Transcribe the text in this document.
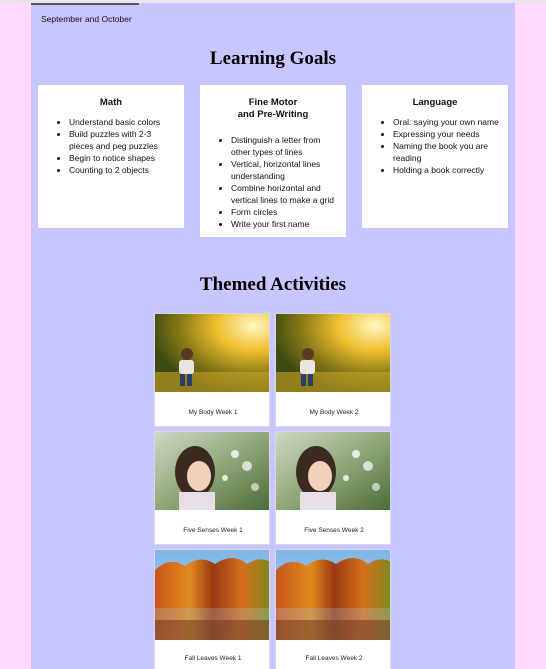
September and October
Learning Goals
Math
• Understand basic colors
• Build puzzles with 2-3 pieces and peg puzzles
• Begin to notice shapes
• Counting to 2 objects
Fine Motor
and Pre-Writing
• Distinguish a letter from other types of lines
• Vertical, horizontal lines understanding
• Combine horizontal and vertical lines to make a grid
• Form circles
• Write your first name
Language
• Oral: saying your own name
• Expressing your needs
• Naming the book you are reading
• Holding a book correctly
Themed Activities
My Body Week 1	My Body Week 2
Five Senses Week 1	Five Senses Week 2
Fall Leaves Week 1	Fall Leaves Week 2
